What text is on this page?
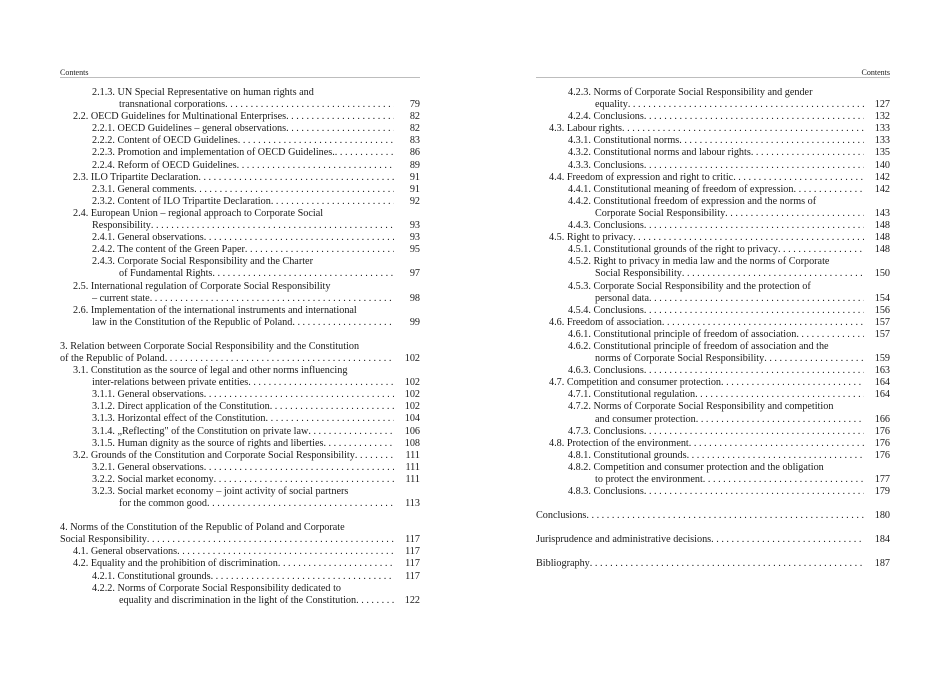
Contents
2.1.3. UN Special Representative on human rights and
transnational corporations . . .	79
2.2. OECD Guidelines for Multinational Enterprises . . .	82
2.2.1. OECD Guidelines – general observations . . .	82
2.2.2. Content of OECD Guidelines . . .	83
2.2.3. Promotion and implementation of OECD Guidelines. . . .	86
2.2.4. Reform of OECD Guidelines . . .	89
2.3. ILO Tripartite Declaration . . .	91
2.3.1. General comments . . .	91
2.3.2. Content of ILO Tripartite Declaration . . .	92
2.4. European Union – regional approach to Corporate Social
Responsibility . . .	93
2.4.1. General observations . . .	93
2.4.2. The content of the Green Paper . . .	95
2.4.3. Corporate Social Responsibility and the Charter
of Fundamental Rights . . .	97
2.5. International regulation of Corporate Social Responsibility
– current state . . .	98
2.6. Implementation of the international instruments and international
law in the Constitution of the Republic of Poland . . .	99
3. Relation between Corporate Social Responsibility and the Constitution
of the Republic of Poland . . .	102
3.1. Constitution as the source of legal and other norms influencing
inter-relations between private entities . . .	102
3.1.1. General observations . . .	102
3.1.2. Direct application of the Constitution . . .	102
3.1.3. Horizontal effect of the Constitution . . .	104
3.1.4. „Reflecting" of the Constitution on private law . . .	106
3.1.5. Human dignity as the source of rights and liberties . . .	108
3.2. Grounds of the Constitution and Corporate Social Responsibility . . .	111
3.2.1. General observations . . .	111
3.2.2. Social market economy . . .	111
3.2.3. Social market economy – joint activity of social partners
for the common good . . .	113
4. Norms of the Constitution of the Republic of Poland and Corporate
Social Responsibility . . .	117
4.1. General observations . . .	117
4.2. Equality and the prohibition of discrimination . . .	117
4.2.1. Constitutional grounds . . .	117
4.2.2. Norms of Corporate Social Responsibility dedicated to
equality and discrimination in the light of the Constitution . . .	122
Contents
4.2.3. Norms of Corporate Social Responsibility and gender
equality . . .	127
4.2.4. Conclusions . . .	132
4.3. Labour rights . . .	133
4.3.1. Constitutional norms . . .	133
4.3.2. Constitutional norms and labour rights . . .	135
4.3.3. Conclusions . . .	140
4.4. Freedom of expression and right to critic . . .	142
4.4.1. Constitutional meaning of freedom of expression . . .	142
4.4.2. Constitutional freedom of expression and the norms of
Corporate Social Responsibility . . .	143
4.4.3. Conclusions . . .	148
4.5. Right to privacy . . .	148
4.5.1. Constitutional grounds of the right to privacy . . .	148
4.5.2. Right to privacy in media law and the norms of Corporate
Social Responsibility . . .	150
4.5.3. Corporate Social Responsibility and the protection of
personal data . . .	154
4.5.4. Conclusions . . .	156
4.6. Freedom of association . . .	157
4.6.1. Constitutional principle of freedom of association . . .	157
4.6.2. Constitutional principle of freedom of association and the
norms of Corporate Social Responsibility . . .	159
4.6.3. Conclusions . . .	163
4.7. Competition and consumer protection . . .	164
4.7.1. Constitutional regulation . . .	164
4.7.2. Norms of Corporate Social Responsibility and competition
and consumer protection . . .	166
4.7.3. Conclusions . . .	176
4.8. Protection of the environment . . .	176
4.8.1. Constitutional grounds . . .	176
4.8.2. Competition and consumer protection and the obligation
to protect the environment . . .	177
4.8.3. Conclusions . . .	179
Conclusions . . .	180
Jurisprudence and administrative decisions . . .	184
Bibliography . . .	187
